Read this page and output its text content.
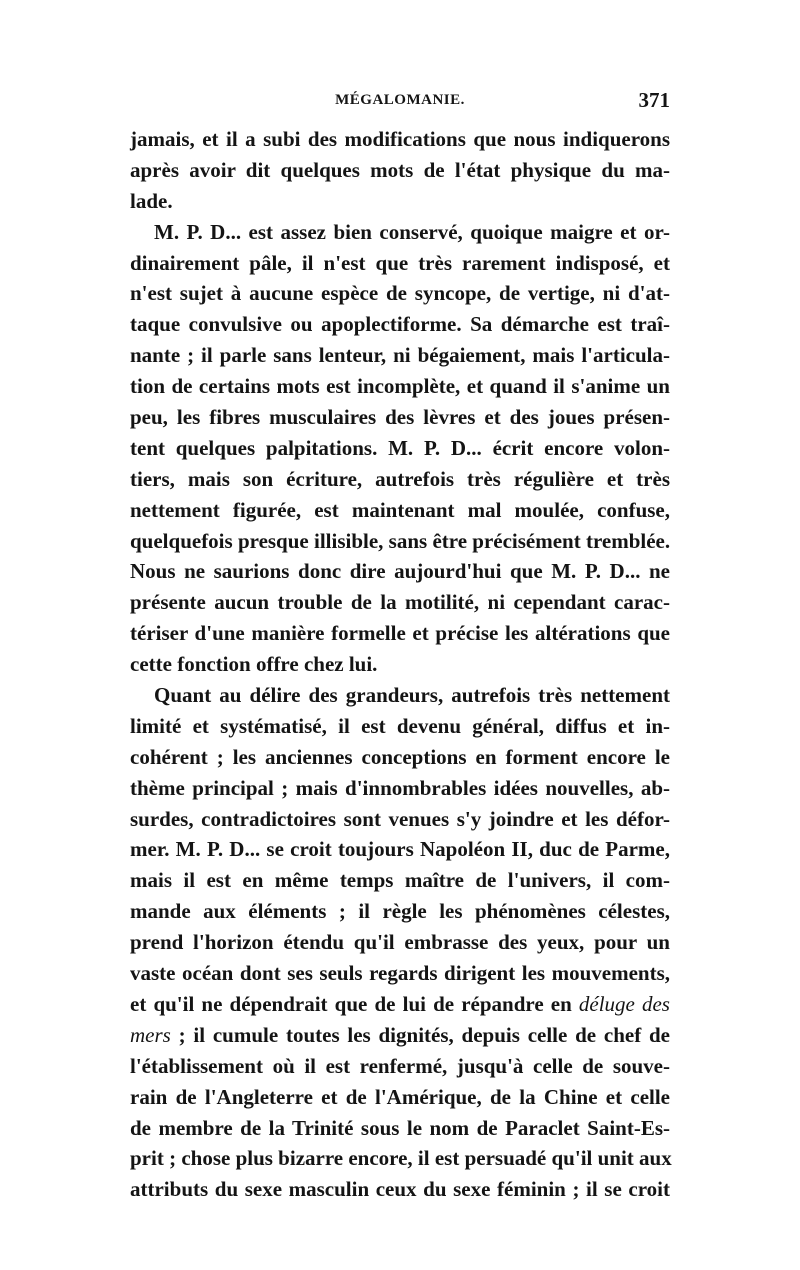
MÉGALOMANIE.	371
jamais, et il a subi des modifications que nous indiquerons
après avoir dit quelques mots de l'état physique du ma-
lade.
M. P. D... est assez bien conservé, quoique maigre et or-
dinairement pâle, il n'est que très rarement indisposé, et
n'est sujet à aucune espèce de syncope, de vertige, ni d'at-
taque convulsive ou apoplectiforme. Sa démarche est traî-
nante ; il parle sans lenteur, ni bégaiement, mais l'articula-
tion de certains mots est incomplète, et quand il s'anime un
peu, les fibres musculaires des lèvres et des joues présen-
tent quelques palpitations. M. P. D... écrit encore volon-
tiers, mais son écriture, autrefois très régulière et très
nettement figurée, est maintenant mal moulée, confuse,
quelquefois presque illisible, sans être précisément tremblée.
Nous ne saurions donc dire aujourd'hui que M. P. D... ne
présente aucun trouble de la motilité, ni cependant carac-
tériser d'une manière formelle et précise les altérations que
cette fonction offre chez lui.
Quant au délire des grandeurs, autrefois très nettement
limité et systématisé, il est devenu général, diffus et in-
cohérent ; les anciennes conceptions en forment encore le
thème principal ; mais d'innombrables idées nouvelles, ab-
surdes, contradictoires sont venues s'y joindre et les défor-
mer. M. P. D... se croit toujours Napoléon II, duc de Parme,
mais il est en même temps maître de l'univers, il com-
mande aux éléments ; il règle les phénomènes célestes,
prend l'horizon étendu qu'il embrasse des yeux, pour un
vaste océan dont ses seuls regards dirigent les mouvements,
et qu'il ne dépendrait que de lui de répandre en déluge des
mers ; il cumule toutes les dignités, depuis celle de chef de
l'établissement où il est renfermé, jusqu'à celle de souve-
rain de l'Angleterre et de l'Amérique, de la Chine et celle
de membre de la Trinité sous le nom de Paraclet Saint-Es-
prit ; chose plus bizarre encore, il est persuadé qu'il unit aux
attributs du sexe masculin ceux du sexe féminin ; il se croit
